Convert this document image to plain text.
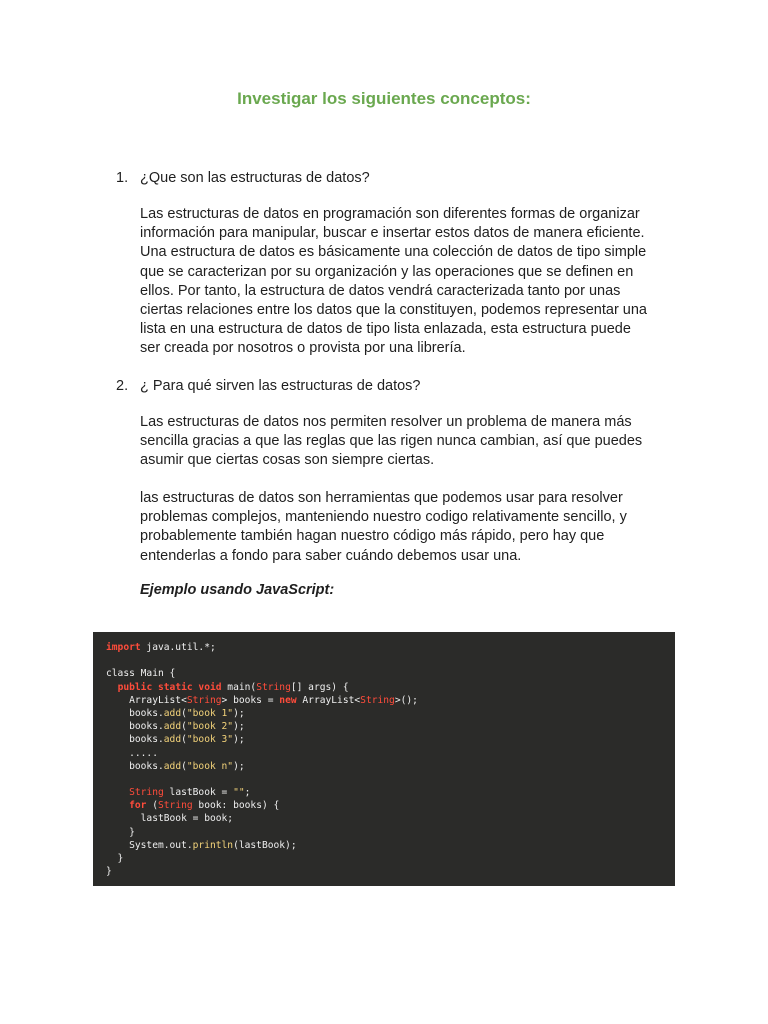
Investigar los siguientes conceptos:
1. ¿Que son las estructuras de datos?

Las estructuras de datos en programación son diferentes formas de organizar
información para manipular, buscar e insertar estos datos de manera eficiente.
Una estructura de datos es básicamente una colección de datos de tipo simple
que se caracterizan por su organización y las operaciones que se definen en
ellos. Por tanto, la estructura de datos vendrá caracterizada tanto por unas
ciertas relaciones entre los datos que la constituyen, podemos representar una
lista en una estructura de datos de tipo lista enlazada, esta estructura puede
ser creada por nosotros o provista por una librería.

2. ¿ Para qué sirven las estructuras de datos?

Las estructuras de datos nos permiten resolver un problema de manera más
sencilla gracias a que las reglas que las rigen nunca cambian, así que puedes
asumir que ciertas cosas son siempre ciertas.

las estructuras de datos son herramientas que podemos usar para resolver
problemas complejos, manteniendo nuestro codigo relativamente sencillo, y
probablemente también hagan nuestro código más rápido, pero hay que
entenderlas a fondo para saber cuándo debemos usar una.

Ejemplo usando JavaScript:

import java.util.*;

class Main {
public static void main(String[] args) {
ArrayList<String> books = new ArrayList<String>();
books.add("book 1");
books.add("book 2");
books.add("book 3");
.....
books.add("book n");

String lastBook = "";
for (String book: books) {
lastBook = book;
}
System.out.println(lastBook);
}
}
